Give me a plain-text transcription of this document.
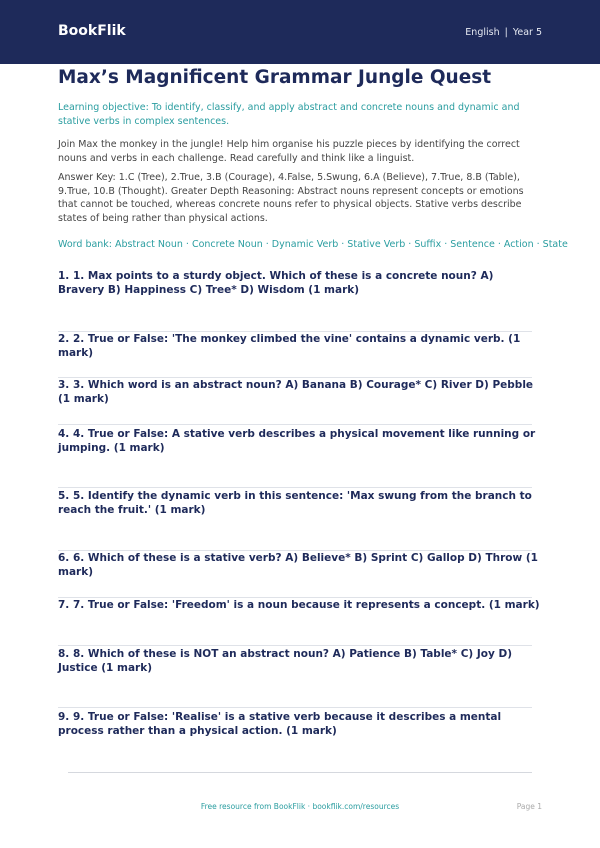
BookFlik	English | Year 5
Max’s Magnificent Grammar Jungle Quest
Learning objective: To identify, classify, and apply abstract and concrete nouns and dynamic and stative verbs in complex sentences.
Join Max the monkey in the jungle! Help him organise his puzzle pieces by identifying the correct nouns and verbs in each challenge. Read carefully and think like a linguist.
Answer Key: 1.C (Tree), 2.True, 3.B (Courage), 4.False, 5.Swung, 6.A (Believe), 7.True, 8.B (Table), 9.True, 10.B (Thought). Greater Depth Reasoning: Abstract nouns represent concepts or emotions that cannot be touched, whereas concrete nouns refer to physical objects. Stative verbs describe states of being rather than physical actions.
Word bank: Abstract Noun · Concrete Noun · Dynamic Verb · Stative Verb · Suffix · Sentence · Action · State
1. 1. Max points to a sturdy object. Which of these is a concrete noun? A) Bravery B) Happiness C) Tree* D) Wisdom (1 mark)
2. 2. True or False: 'The monkey climbed the vine' contains a dynamic verb. (1 mark)
3. 3. Which word is an abstract noun? A) Banana B) Courage* C) River D) Pebble (1 mark)
4. 4. True or False: A stative verb describes a physical movement like running or jumping. (1 mark)
5. 5. Identify the dynamic verb in this sentence: 'Max swung from the branch to reach the fruit.' (1 mark)
6. 6. Which of these is a stative verb? A) Believe* B) Sprint C) Gallop D) Throw (1 mark)
7. 7. True or False: 'Freedom' is a noun because it represents a concept. (1 mark)
8. 8. Which of these is NOT an abstract noun? A) Patience B) Table* C) Joy D) Justice (1 mark)
9. 9. True or False: 'Realise' is a stative verb because it describes a mental process rather than a physical action. (1 mark)
Free resource from BookFlik · bookflik.com/resources	Page 1
